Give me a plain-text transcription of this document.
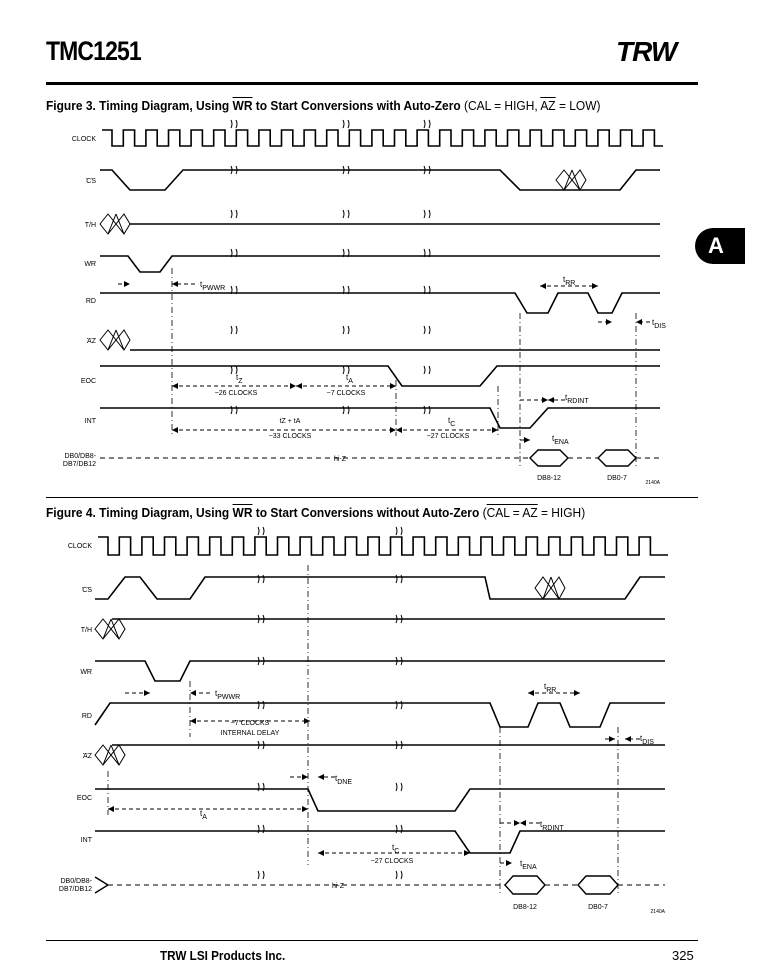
TMC1251	TRW
A
Figure 3. Timing Diagram, Using $\overline{WR}$ to Start Conversions with Auto-Zero (CAL = HIGH, $\overline{AZ} = LOW$)
CLOCK
CS
T/H
WR
RD
AZ
EOC
INT
DB0/DB8-
DB7/DB12
tPWWR
tRR
tDIS
tZ
~26 CLOCKS
tA
~7 CLOCKS	tRDINT
tZ + tA
~33 CLOCKS
tC
~27 CLOCKS	tENA
hi-Z
DB8-12	DB0-7
2140A
Figure 4. Timing Diagram, Using $\overline{WR}$ to Start Conversions without Auto-Zero (CAL = AZ = HIGH)
CLOCK
CS
T/H
WR
RD
AZ
EOC
INT
DB0/DB8-
DB7/DB12
tPWWR
tRR
~7 CLOCKS
INTERNAL DELAY
tDIS
tDNE
tA
tRDINT
tC
~27 CLOCKS	tENA
hi-Z
DB8-12	DB0-7
2140A
TRW LSI Products Inc.	325
